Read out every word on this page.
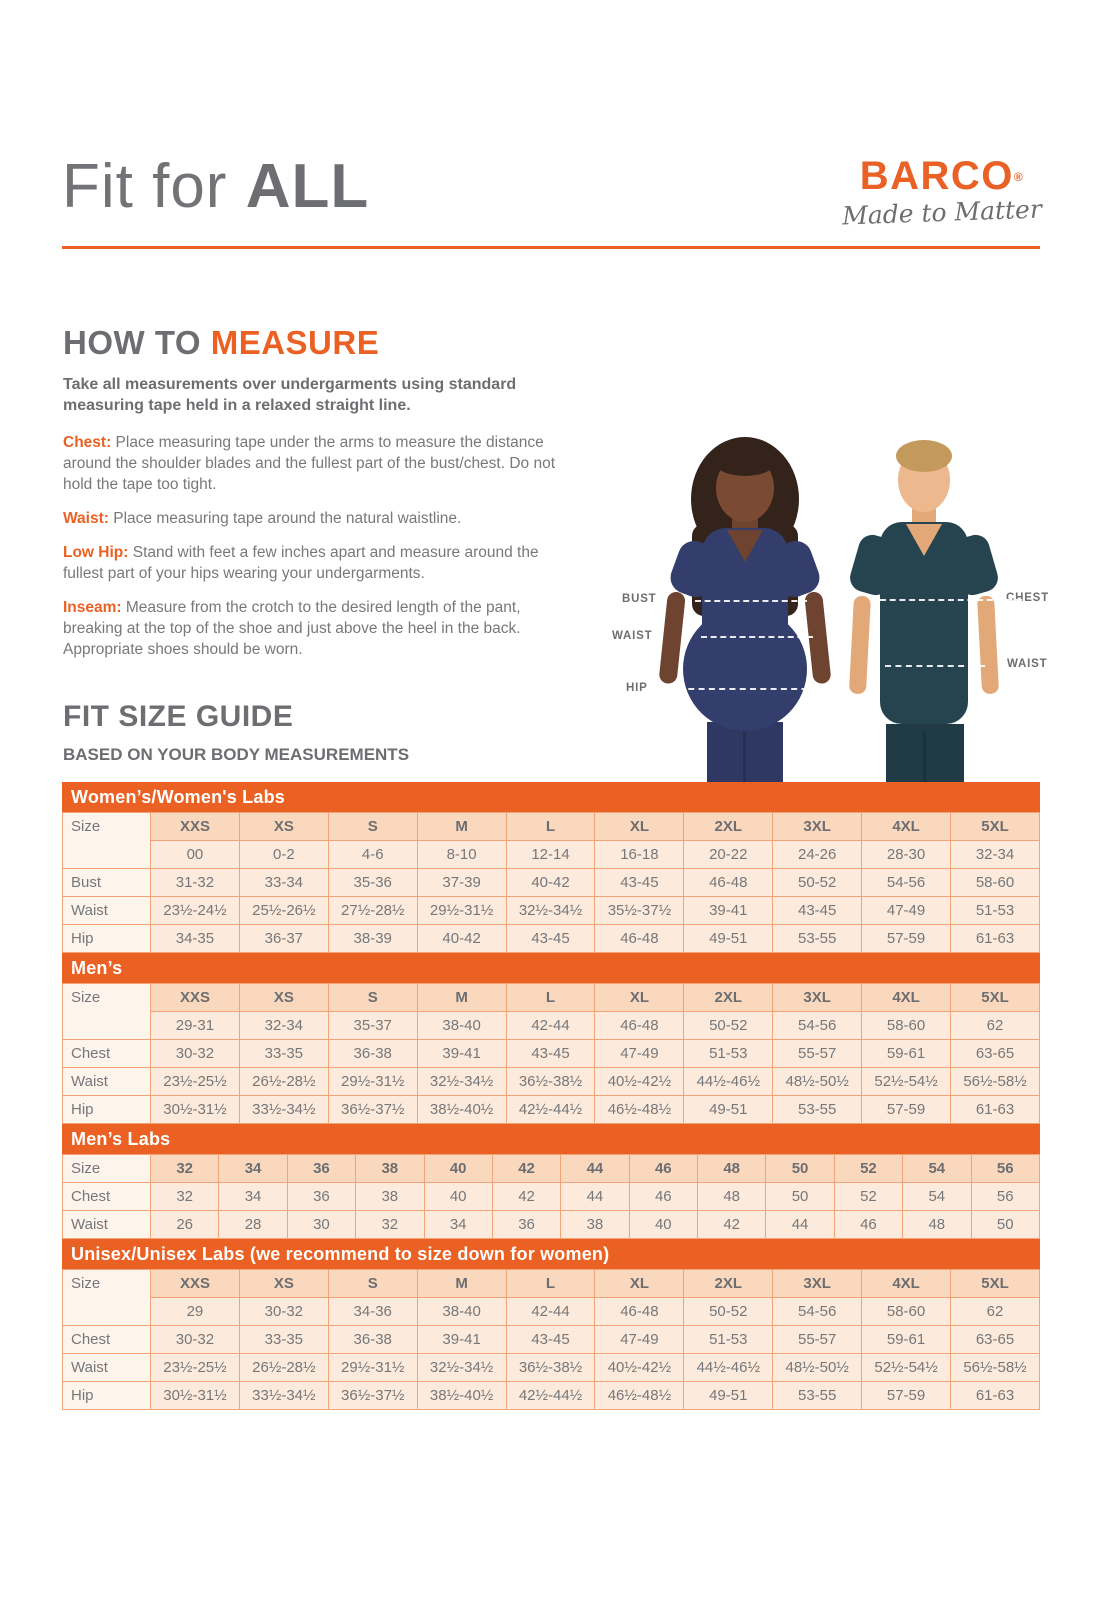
Fit for ALL	BARCO®
Made to Matter
HOW TO MEASURE

Take all measurements over undergarments using standard measuring tape held in a relaxed straight line.

Chest: Place measuring tape under the arms to measure the distance around the shoulder blades and the fullest part of the bust/chest. Do not hold the tape too tight.

Waist: Place measuring tape around the natural waistline.

Low Hip: Stand with feet a few inches apart and measure around the fullest part of your hips wearing your undergarments.

Inseam: Measure from the crotch to the desired length of the pant, breaking at the top of the shoe and just above the heel in the back. Appropriate shoes should be worn.

BUST
WAIST
HIP
CHEST
WAIST
FIT SIZE GUIDE
BASED ON YOUR BODY MEASUREMENTS
Women’s/Women's Labs
Size	XXS	XS	S	M	L	XL	2XL	3XL	4XL	5XL
	00	0-2	4-6	8-10	12-14	16-18	20-22	24-26	28-30	32-34
Bust	31-32	33-34	35-36	37-39	40-42	43-45	46-48	50-52	54-56	58-60
Waist	23½-24½	25½-26½	27½-28½	29½-31½	32½-34½	35½-37½	39-41	43-45	47-49	51-53
Hip	34-35	36-37	38-39	40-42	43-45	46-48	49-51	53-55	57-59	61-63
Men’s
Size	XXS	XS	S	M	L	XL	2XL	3XL	4XL	5XL
	29-31	32-34	35-37	38-40	42-44	46-48	50-52	54-56	58-60	62
Chest	30-32	33-35	36-38	39-41	43-45	47-49	51-53	55-57	59-61	63-65
Waist	23½-25½	26½-28½	29½-31½	32½-34½	36½-38½	40½-42½	44½-46½	48½-50½	52½-54½	56½-58½
Hip	30½-31½	33½-34½	36½-37½	38½-40½	42½-44½	46½-48½	49-51	53-55	57-59	61-63
Men’s Labs
Size	32	34	36	38	40	42	44	46	48	50	52	54	56
Chest	32	34	36	38	40	42	44	46	48	50	52	54	56
Waist	26	28	30	32	34	36	38	40	42	44	46	48	50
Unisex/Unisex Labs (we recommend to size down for women)
Size	XXS	XS	S	M	L	XL	2XL	3XL	4XL	5XL
	29	30-32	34-36	38-40	42-44	46-48	50-52	54-56	58-60	62
Chest	30-32	33-35	36-38	39-41	43-45	47-49	51-53	55-57	59-61	63-65
Waist	23½-25½	26½-28½	29½-31½	32½-34½	36½-38½	40½-42½	44½-46½	48½-50½	52½-54½	56½-58½
Hip	30½-31½	33½-34½	36½-37½	38½-40½	42½-44½	46½-48½	49-51	53-55	57-59	61-63
